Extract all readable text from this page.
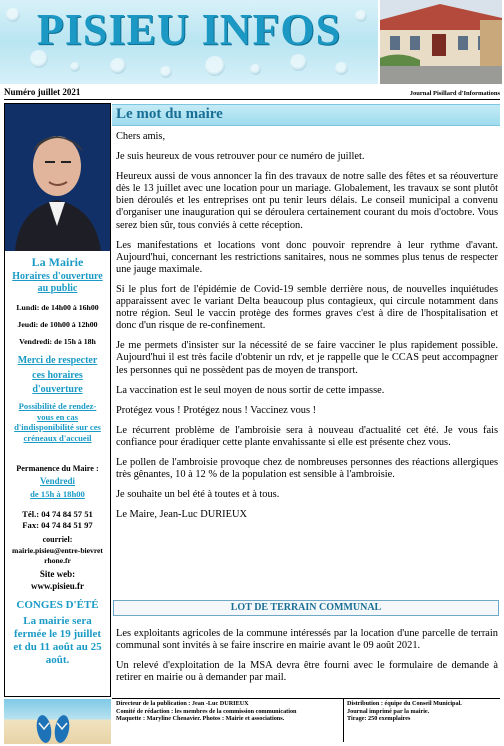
PISIEU INFOS
Numéro juillet 2021	Journal Pisillard d'Informations
La Mairie
Horaires d'ouverture au public
Lundi: de 14h00 à 16h00
Jeudi: de 10h00 à 12h00
Vendredi: de 15h à 18h
Merci de respecter ces horaires d'ouverture
Possibilité de rendez-vous en cas d'indisponibilité sur ces créneaux d'accueil
Permanence du Maire :
Vendredi
de 15h à 18h00
Tél.: 04 74 84 57 51
Fax: 04 74 84 51 97
courriel:
mairie.pisieu@entre-bievretrhone.fr
Site web:
www.pisieu.fr
CONGES D'ÉTÉ
La mairie sera fermée le 19 juillet et du 11 août au 25 août.
Le mot du maire

Chers amis,

Je suis heureux de vous retrouver pour ce numéro de juillet.

Heureux aussi de vous annoncer la fin des travaux de notre salle des fêtes et sa réouverture dès le 13 juillet avec une location pour un mariage. Globalement, les travaux se sont plutôt bien déroulés et les entreprises ont pu tenir leurs délais. Le conseil municipal a convenu d'organiser une inauguration qui se déroulera certainement courant du mois d'octobre. Vous serez bien sûr, tous conviés à cette réception.

Les manifestations et locations vont donc pouvoir reprendre à leur rythme d'avant. Aujourd'hui, concernant les restrictions sanitaires, nous ne sommes plus tenus de respecter une jauge maximale.

Si le plus fort de l'épidémie de Covid-19 semble derrière nous, de nouvelles inquiétudes apparaissent avec le variant Delta beaucoup plus contagieux, qui circule notamment dans notre région. Seul le vaccin protège des formes graves c'est à dire de l'hospitalisation et donc d'un risque de re-confinement.

Je me permets d'insister sur la nécessité de se faire vacciner le plus rapidement possible. Aujourd'hui il est très facile d'obtenir un rdv, et je rappelle que le CCAS peut accompagner les personnes qui ne possèdent pas de moyen de transport.

La vaccination est le seul moyen de nous sortir de cette impasse.

Protégez vous ! Protégez nous ! Vaccinez vous !

Le récurrent problème de l'ambroisie sera à nouveau d'actualité cet été. Je vous fais confiance pour éradiquer cette plante envahissante si elle est présente chez vous.

Le pollen de l'ambroisie provoque chez de nombreuses personnes des réactions allergiques très gênantes, 10 à 12 % de la population est sensible à l'ambroisie.

Je souhaite un bel été à toutes et à tous.

Le Maire, Jean-Luc DURIEUX

LOT DE TERRAIN COMMUNAL

Les exploitants agricoles de la commune intéressés par la location d'une parcelle de terrain communal sont invités à se faire inscrire en mairie avant le 09 août 2021.

Un relevé d'exploitation de la MSA devra être fourni avec le formulaire de demande à retirer en mairie ou à demander par mail.

Directeur de la publication : Jean -Luc DURIEUX
Comité de rédaction : les membres de la commission communication
Maquette : Maryline Chenavier. Photos : Mairie et associations.
Distribution : équipe du Conseil Municipal.
Journal imprimé par la mairie.
Tirage: 250 exemplaires
